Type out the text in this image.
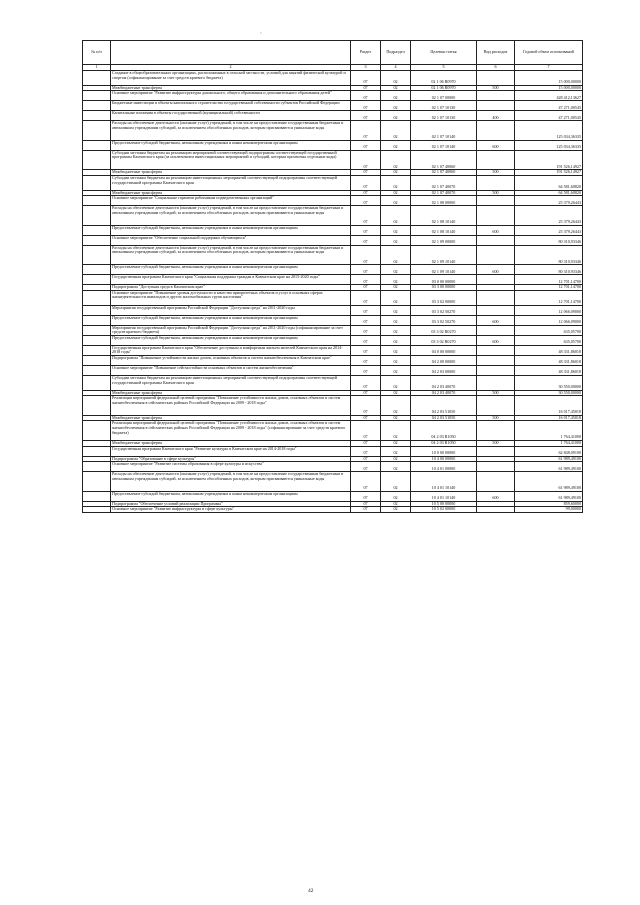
ˎ
№ п/п		Раздел	Подраздел	Целевая статья	Вид расходов	Годовой объем ассигнований
1	2	3	4	5	6	7
	Создание в общеобразовательных организациях, расположенных в сельской местности, условий для занятий физической культурой и спортом (софинансирование за счет средств краевого бюджета)	07	02	02 1 06 R0970		15 000,00000
	Межбюджетные трансферты	07	02	02 1 06 R0970	500	15 000,00000
	Основное мероприятие "Развитие инфраструктуры дошкольного, общего образования и дополнительного образования детей"	07	02	02 1 07 00000		428 412,13627
	Бюджетные инвестиции в объекты капитального строительства государственной собственности субъектов Российской Федерации	07	02	02 1 07 10130		47 271,00545
	Капитальные вложения в объекты государственной (муниципальной) собственности	07	02	02 1 07 10130	400	47 271,00545
	Расходы на обеспечение деятельности (оказание услуг) учреждений, в том числе на предоставление государственным бюджетным и автономным учреждениям субсидий, за исключением обособленных расходов, которым присваиваются уникальные коды	07	02	02 1 07 10140		125 034,36335
	Предоставление субсидий бюджетным, автономным учреждениям и иным некоммерческим организациям	07	02	02 1 07 10140	600	125 034,36335
	Субсидии местным бюджетам на реализацию мероприятий соответствующей подпрограммы соответствующей государственной программы Камчатского края (за исключением инвестиционных мероприятий и субсидий, которым присвоены отдельные коды)	07	02	02 1 07 40060		191 526,14927
	Межбюджетные трансферты	07	02	02 1 07 40060	500	191 526,14927
	Субсидии местным бюджетам на реализацию инвестиционных мероприятий соответствующей подпрограммы соответствующей государственной программы Камчатского края	07	02	02 1 07 40070		64 581,60820
	Межбюджетные трансферты	07	02	02 1 07 40070	500	64 581,60820
	Основное мероприятие "Социальные гарантии работникам подведомственных организаций"	07	02	02 1 08 00000		25 379,26443
	Расходы на обеспечение деятельности (оказание услуг) учреждений, в том числе на предоставление государственным бюджетным и автономным учреждениям субсидий, за исключением обособленных расходов, которым присваиваются уникальные коды	07	02	02 1 08 10140		25 379,26443
	Предоставление субсидий бюджетным, автономным учреждениям и иным некоммерческим организациям	07	02	02 1 08 10140	600	25 379,26443
	Основное мероприятие "Обеспечение социальной поддержки обучающихся"	07	02	02 1 09 00000		80 310,93346
	Расходы на обеспечение деятельности (оказание услуг) учреждений, в том числе на предоставление государственным бюджетным и автономным учреждениям субсидий, за исключением обособленных расходов, которым присваиваются уникальные коды	07	02	02 1 09 10140		80 310,93346
	Предоставление субсидий бюджетным, автономным учреждениям и иным некоммерческим организациям	07	02	02 1 09 10140	600	80 310,93346
	Государственная программа Камчатского края "Социальная поддержка граждан в Камчатском крае на 2015-2020 годы"	07	02	03 0 00 00000		12 701,14700
	Подпрограмма "Доступная среда в Камчатском крае"	07	02	03 3 00 00000		12 701,14700
	Основное мероприятие "Повышение уровня доступности и качества приоритетных объектов и услуг в основных сферах жизнедеятельности инвалидов и других маломобильных групп населения"	07	02	03 3 02 00000		12 701,14700
	Мероприятия государственной программы Российской Федерации "Доступная среда" на 2011-2020 годы	07	02	03 3 02 50270		12 066,09000
	Предоставление субсидий бюджетным, автономным учреждениям и иным некоммерческим организациям	07	02	03 3 02 50270	600	12 066,09000
	Мероприятия государственной программы Российской Федерации "Доступная среда" на 2011-2020 годы (софинансирование за счет средств краевого бюджета)	07	02	03 3 02 R0270		635,05700
	Предоставление субсидий бюджетным, автономным учреждениям и иным некоммерческим организациям	07	02	03 3 02 R0270	600	635,05700
	Государственная программа Камчатского края "Обеспечение доступным и комфортным жильем жителей Камчатского края на 2014-2018 годы"	07	02	04 0 00 00000		48 331,86018
	Подпрограмма "Повышение устойчивости жилых домов, основных объектов и систем жизнеобеспечения в Камчатском крае"	07	02	04 2 00 00000		48 331,86018
	Основное мероприятие "Повышение сейсмостойкости основных объектов и систем жизнеобеспечения"	07	02	04 2 03 00000		48 331,86018
	Субсидии местным бюджетам на реализацию инвестиционных мероприятий соответствующей подпрограммы соответствующей государственной программы Камчатского края	07	02	04 2 03 40070		30 550,00000
	Межбюджетные трансферты	07	02	04 2 03 40070	500	30 550,00000
	Реализация мероприятий федеральной целевой программы "Повышение устойчивости жилых домов, основных объектов и систем жизнеобеспечения в сейсмических районах Российской Федерации на 2009 - 2018 годы"	07	02	04 2 03 51050		16 017,45018
	Межбюджетные трансферты	07	02	04 2 03 51050	500	16 017,45018
	Реализация мероприятий федеральной целевой программы "Повышение устойчивости жилых домов, основных объектов и систем жизнеобеспечения в сейсмических районах Российской Федерации на 2009 - 2018 годы" (софинансирование за счет средств краевого бюджета)	07	02	04 2 03 R1050		1 764,41000
	Межбюджетные трансферты	07	02	04 2 03 R1050	500	1 764,41000
	Государственная программа Камчатского края "Развитие культуры в Камчатском крае на 2014-2018 годы"	07	02	10 0 00 00000		62 848,09100
	Подпрограмма "Образование в сфере культуры"	07	02	10 4 00 00000		61 989,49100
	Основное мероприятие "Развитие системы образования в сфере культуры и искусства"	07	02	10 4 01 00000		61 989,49100
	Расходы на обеспечение деятельности (оказание услуг) учреждений, в том числе на предоставление государственным бюджетным и автономным учреждениям субсидий, за исключением обособленных расходов, которым присваиваются уникальные коды	07	02	10 4 01 10140		61 989,49100
	Предоставление субсидий бюджетным, автономным учреждениям и иным некоммерческим организациям	07	02	10 4 01 10140	600	61 989,49100
	Подпрограмма "Обеспечение условий реализации Программы"	07	02	10 5 00 00000		859,60000
	Основное мероприятие "Развитие инфраструктуры в сфере культуры"	07	02	10 5 02 00000		99,00000
42
